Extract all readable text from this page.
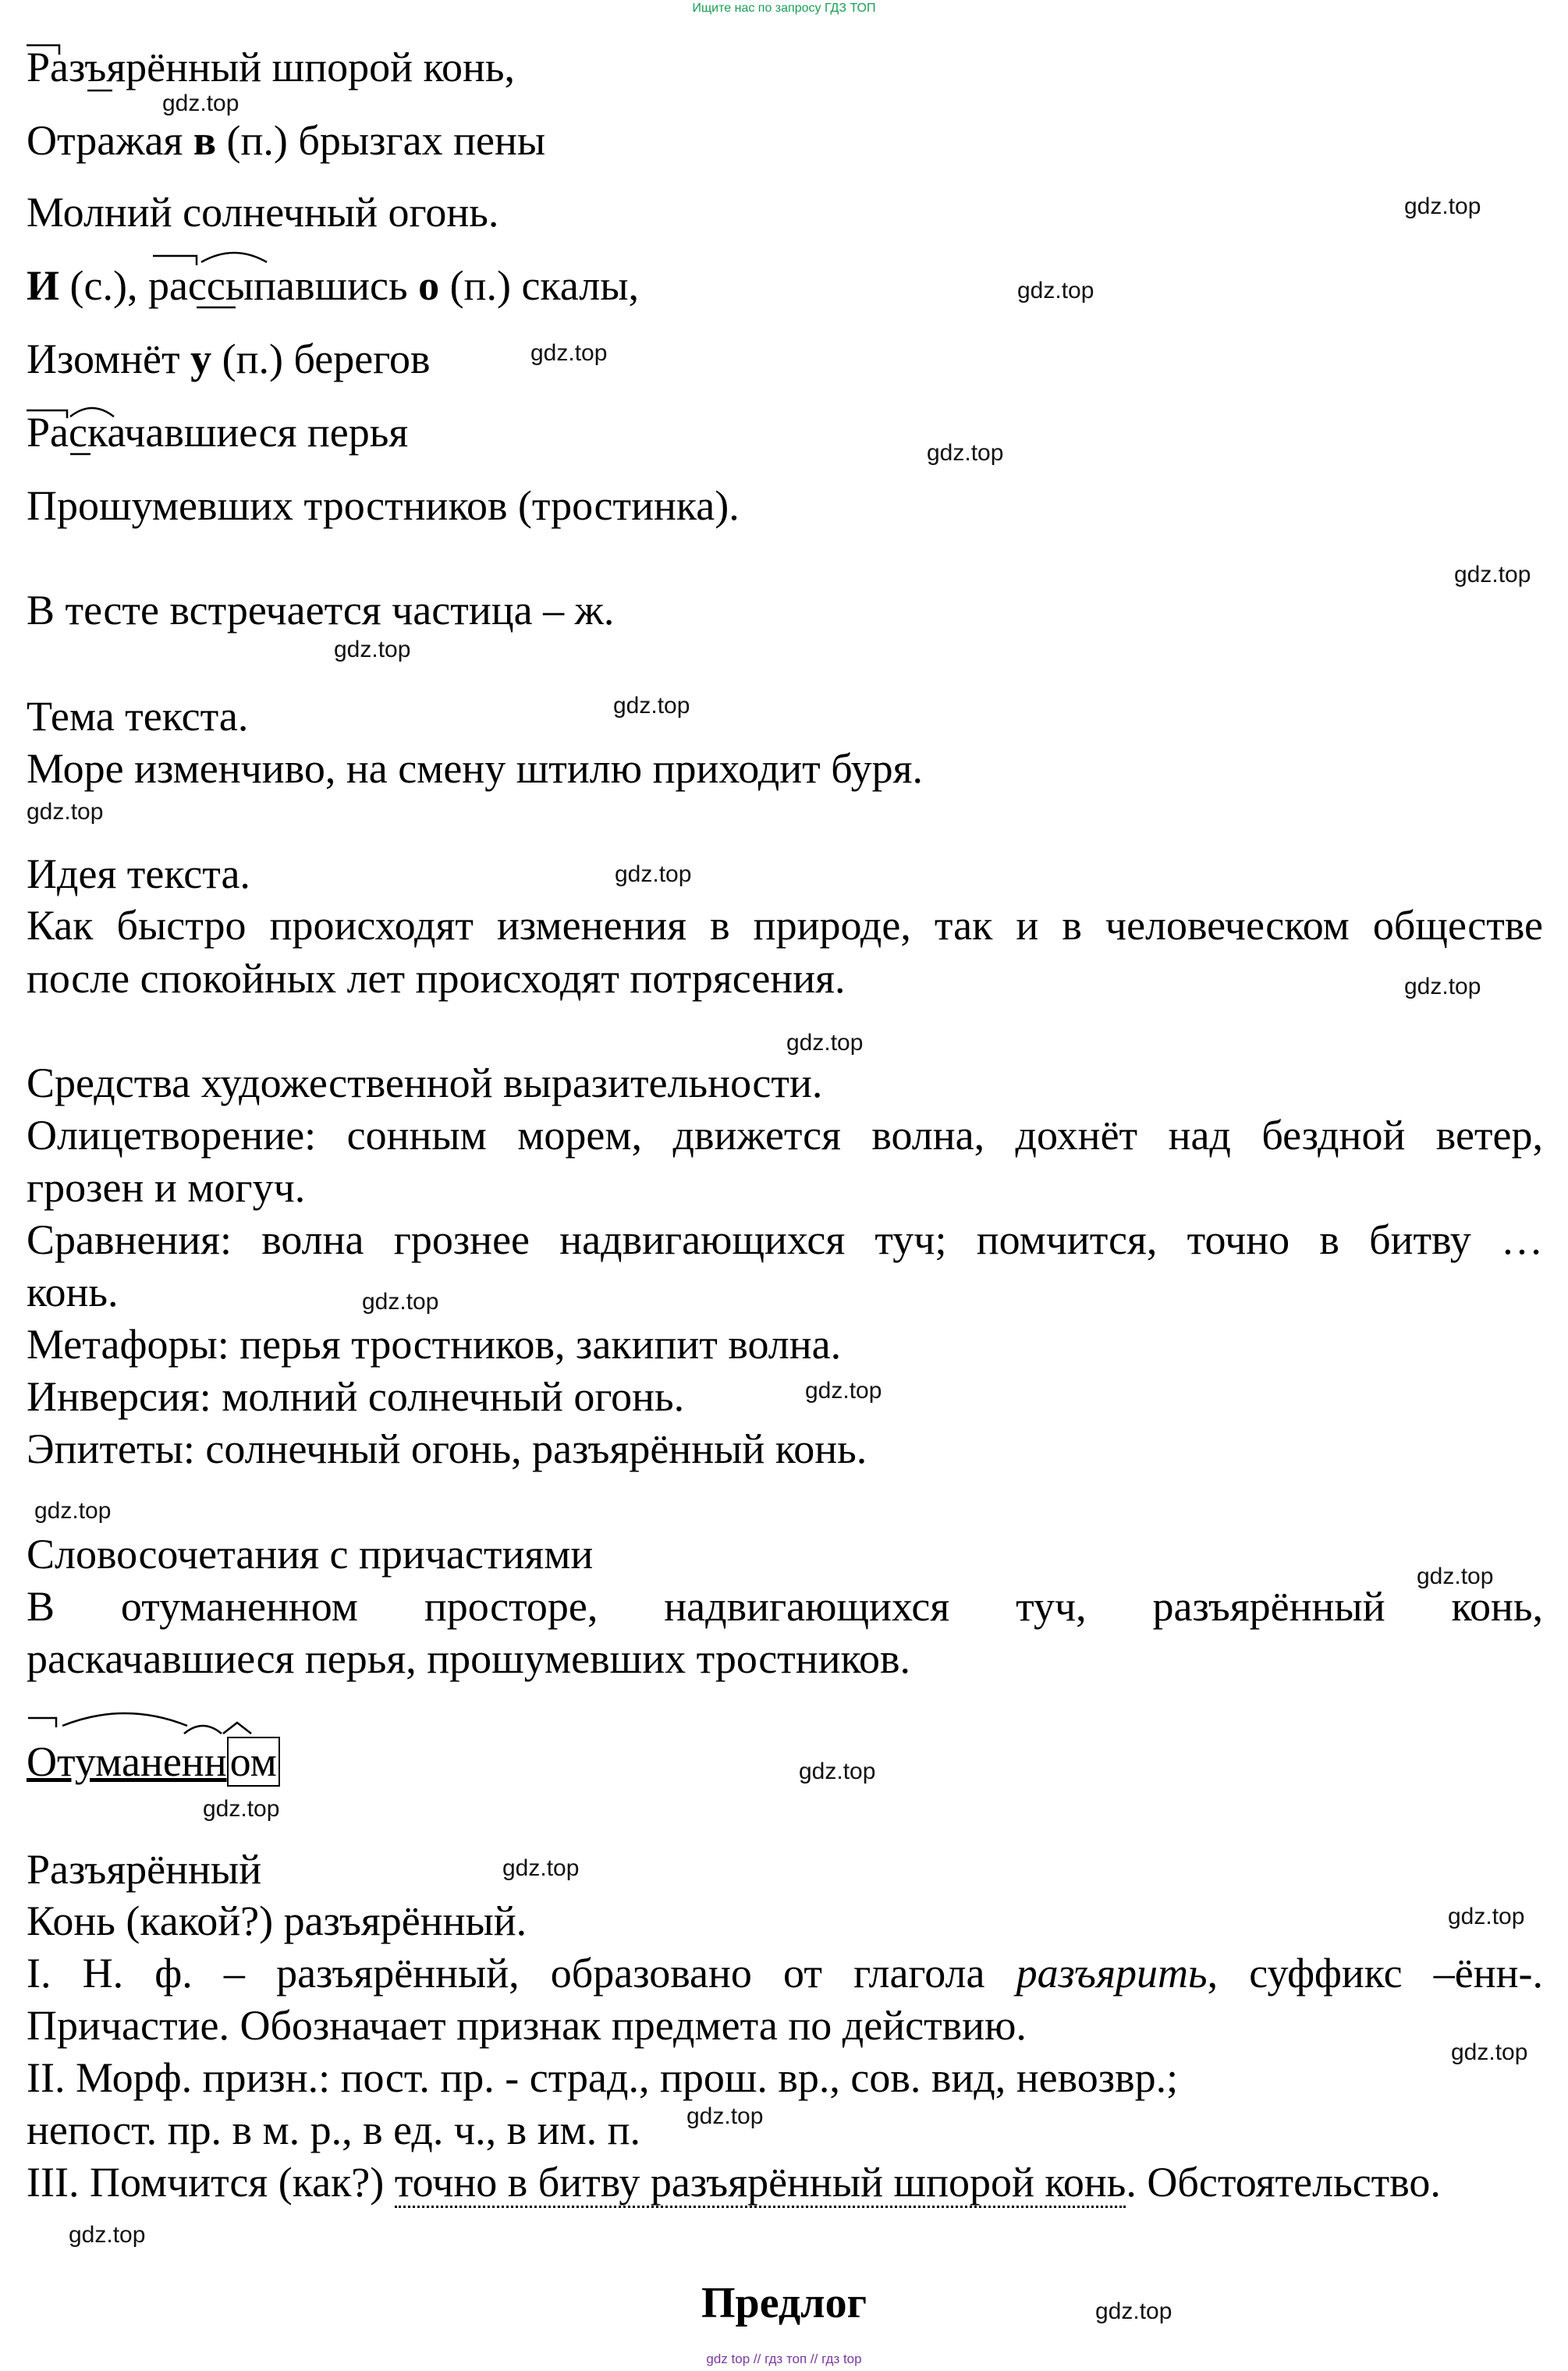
Ищите нас по запросу ГДЗ ТОП
Разъярённый шпорой конь,
Отражая в (п.) брызгах пены
Молний солнечный огонь.
И (с.), рассыпавшись о (п.) скалы,
Изомнёт у (п.) берегов
Раскачавшиеся перья
Прошумевших тростников (тростинка).
В тесте встречается частица – ж.
Тема текста.
Море изменчиво, на смену штилю приходит буря.
Идея текста.
Как быстро происходят изменения в природе, так и в человеческом обществе
после спокойных лет происходят потрясения.
Средства художественной выразительности.
Олицетворение: сонным морем, движется волна, дохнёт над бездной ветер,
грозен и могуч.
Сравнения: волна грознее надвигающихся туч; помчится, точно в битву …
конь.
Метафоры: перья тростников, закипит волна.
Инверсия: молний солнечный огонь.
Эпитеты: солнечный огонь, разъярённый конь.
Словосочетания с причастиями
В отуманенном просторе, надвигающихся туч, разъярённый конь,
раскачавшиеся перья, прошумевших тростников.
Отуманенном
Разъярённый
Конь (какой?) разъярённый.
I. Н. ф. – разъярённый, образовано от глагола разъярить, суффикс –ённ-.
Причастие. Обозначает признак предмета по действию.
II. Морф. призн.: пост. пр. - страд., прош. вр., сов. вид, невозвр.;
непост. пр. в м. р., в ед. ч., в им. п.
III. Помчится (как?) точно в битву разъярённый шпорой конь. Обстоятельство.
Предлог
gdz.top
gdz.top
gdz.top
gdz.top
gdz.top
gdz.top
gdz.top
gdz.top
gdz.top
gdz.top
gdz.top
gdz.top
gdz.top
gdz.top
gdz.top
gdz.top
gdz.top
gdz.top
gdz.top
gdz.top
gdz.top
gdz.top
gdz.top
gdz.top
gdz top // гдз топ // гдз top
